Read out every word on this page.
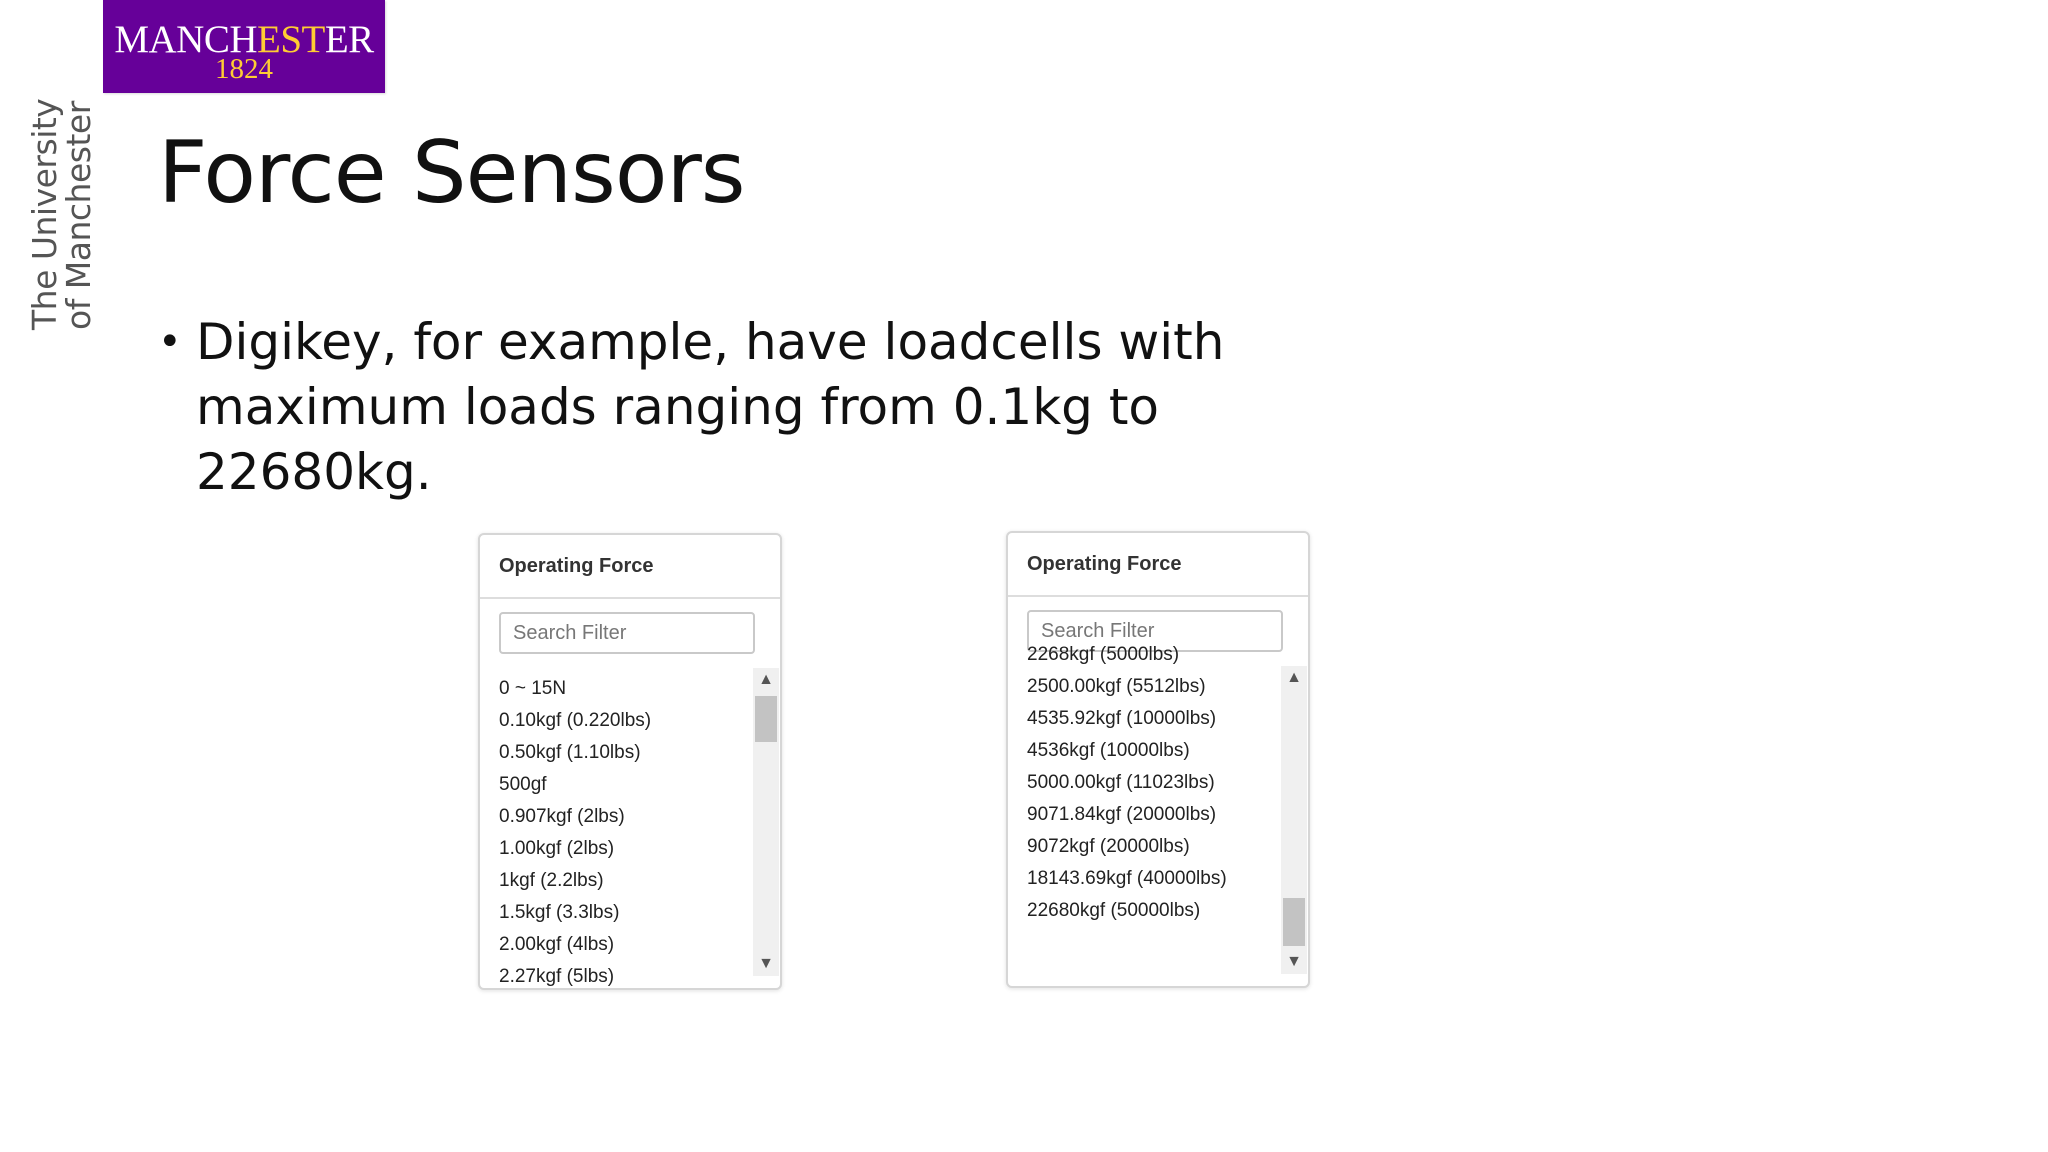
MANCHESTER
1824
The University
of Manchester Force Sensors
• Digikey, for example, have loadcells with maximum loads ranging from 0.1kg to 22680kg.
Operating Force
Search Filter
0 ~ 15N
0.10kgf (0.220lbs)
0.50kgf (1.10lbs)
500gf
0.907kgf (2lbs)
1.00kgf (2lbs)
1kgf (2.2lbs)
1.5kgf (3.3lbs)
2.00kgf (4lbs)
2.27kgf (5lbs)
▲
▼
Operating Force
Search Filter
2268kgf (5000lbs)
2500.00kgf (5512lbs)
4535.92kgf (10000lbs)
4536kgf (10000lbs)
5000.00kgf (11023lbs)
9071.84kgf (20000lbs)
9072kgf (20000lbs)
18143.69kgf (40000lbs)
22680kgf (50000lbs)
▲
▼
